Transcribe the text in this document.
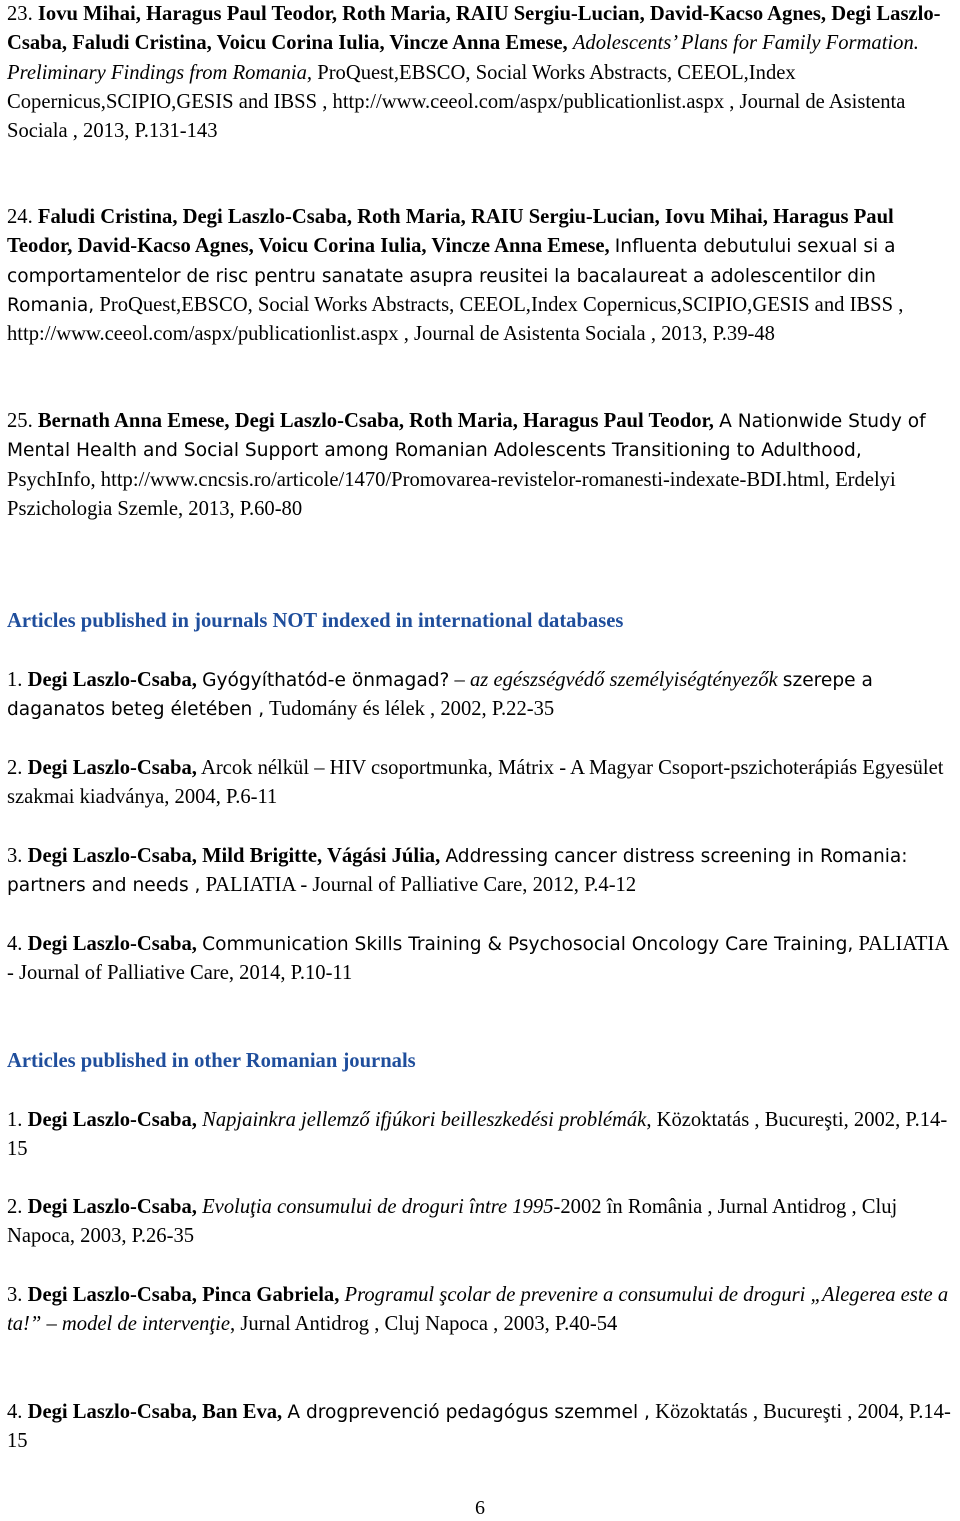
23. Iovu Mihai, Haragus Paul Teodor, Roth Maria, RAIU Sergiu-Lucian, David-Kacso Agnes, Degi Laszlo-Csaba, Faludi Cristina, Voicu Corina Iulia, Vincze Anna Emese, Adolescents’ Plans for Family Formation. Preliminary Findings from Romania, ProQuest,EBSCO, Social Works Abstracts, CEEOL,Index Copernicus,SCIPIO,GESIS and IBSS , http://www.ceeol.com/aspx/publicationlist.aspx , Journal de Asistenta Sociala , 2013, P.131-143

24. Faludi Cristina, Degi Laszlo-Csaba, Roth Maria, RAIU Sergiu-Lucian, Iovu Mihai, Haragus Paul Teodor, David-Kacso Agnes, Voicu Corina Iulia, Vincze Anna Emese, Influenta debutului sexual si a comportamentelor de risc pentru sanatate asupra reusitei la bacalaureat a adolescentilor din Romania, ProQuest,EBSCO, Social Works Abstracts, CEEOL,Index Copernicus,SCIPIO,GESIS and IBSS , http://www.ceeol.com/aspx/publicationlist.aspx , Journal de Asistenta Sociala , 2013, P.39-48

25. Bernath Anna Emese, Degi Laszlo-Csaba, Roth Maria, Haragus Paul Teodor, A Nationwide Study of Mental Health and Social Support among Romanian Adolescents Transitioning to Adulthood, PsychInfo, http://www.cncsis.ro/articole/1470/Promovarea-revistelor-romanesti-indexate-BDI.html, Erdelyi Pszichologia Szemle, 2013, P.60-80

Articles published in journals NOT indexed in international databases

1. Degi Laszlo-Csaba, Gyógyíthatód-e önmagad? – az egészségvédő személyiségtényezők szerepe a daganatos beteg életében , Tudomány és lélek , 2002, P.22-35

2. Degi Laszlo-Csaba, Arcok nélkül – HIV csoportmunka, Mátrix - A Magyar Csoport-pszichoterápiás Egyesület szakmai kiadványa, 2004, P.6-11

3. Degi Laszlo-Csaba, Mild Brigitte, Vágási Júlia, Addressing cancer distress screening in Romania: partners and needs , PALIATIA - Journal of Palliative Care, 2012, P.4-12

4. Degi Laszlo-Csaba, Communication Skills Training & Psychosocial Oncology Care Training, PALIATIA - Journal of Palliative Care, 2014, P.10-11

Articles published in other Romanian journals

1. Degi Laszlo-Csaba, Napjainkra jellemző ifjúkori beilleszkedési problémák, Közoktatás , Bucureşti, 2002, P.14-15

2. Degi Laszlo-Csaba, Evoluţia consumului de droguri între 1995-2002 în România , Jurnal Antidrog , Cluj Napoca, 2003, P.26-35

3. Degi Laszlo-Csaba, Pinca Gabriela, Programul şcolar de prevenire a consumului de droguri „Alegerea este a ta!” – model de intervenţie, Jurnal Antidrog , Cluj Napoca , 2003, P.40-54

4. Degi Laszlo-Csaba, Ban Eva, A drogprevenció pedagógus szemmel , Közoktatás , Bucureşti , 2004, P.14-15

6
